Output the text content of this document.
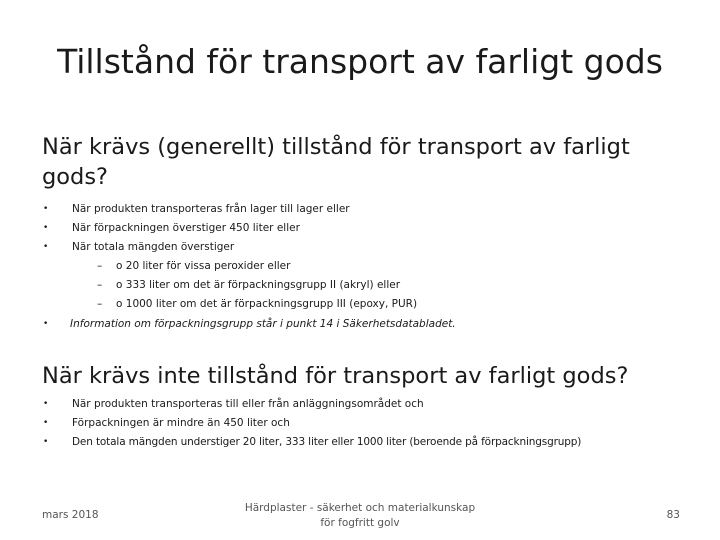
Tillstånd för transport av farligt gods
När krävs (generellt) tillstånd för transport av farligt gods?
• När produkten transporteras från lager till lager eller
• När förpackningen överstiger 450 liter eller
• När totala mängden överstiger
– o 20 liter för vissa peroxider eller
– o 333 liter om det är förpackningsgrupp II (akryl) eller
– o 1000 liter om det är förpackningsgrupp III (epoxy, PUR)
• Information om förpackningsgrupp står i punkt 14 i Säkerhetsdatabladet.
När krävs inte tillstånd för transport av farligt gods?
• När produkten transporteras till eller från anläggningsområdet och
• Förpackningen är mindre än 450 liter och
• Den totala mängden understiger 20 liter, 333 liter eller 1000 liter (beroende på förpackningsgrupp)
mars 2018
Härdplaster - säkerhet och materialkunskap
för fogfritt golv
83
